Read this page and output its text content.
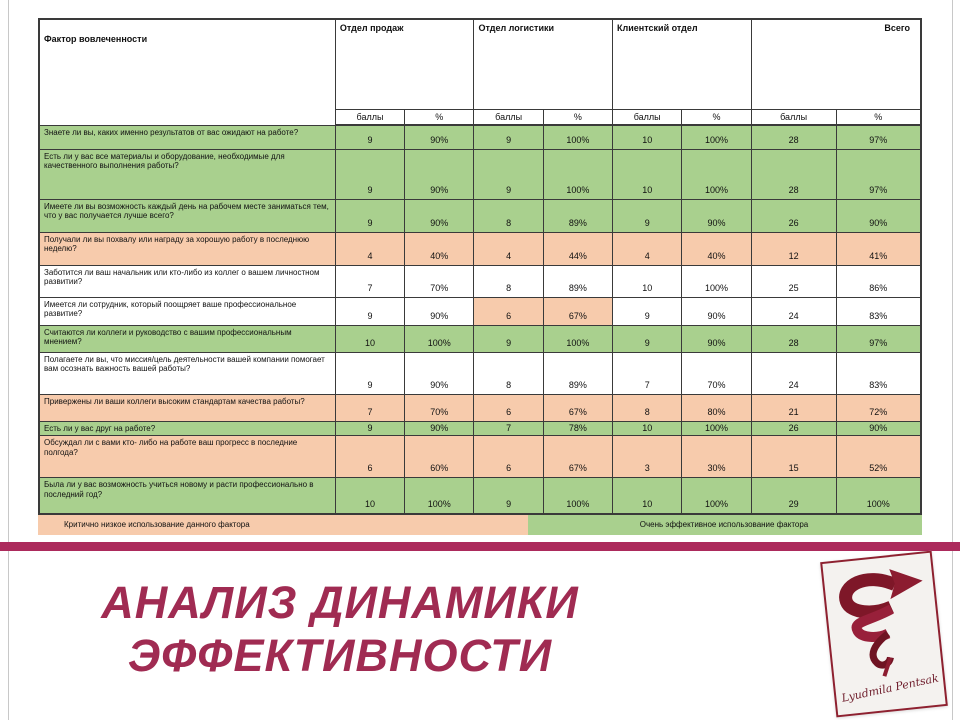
Фактор вовлеченности	Отдел продаж		Отдел логистики		Клиентский отдел		Всего	
	баллы	%	баллы	%	баллы	%	баллы	%
Знаете ли вы, каких именно результатов от вас ожидают на работе?	9	90%	9	100%	10	100%	28	97%
Есть ли у вас все материалы и оборудование, необходимые для качественного выполнения работы?	9	90%	9	100%	10	100%	28	97%
Имеете ли вы возможность каждый день на рабочем месте заниматься тем, что у вас получается лучше всего?	9	90%	8	89%	9	90%	26	90%
Получали ли вы похвалу или награду за хорошую работу в последнюю неделю?	4	40%	4	44%	4	40%	12	41%
Заботится ли ваш начальник или кто-либо из коллег о вашем личностном развитии?	7	70%	8	89%	10	100%	25	86%
Имеется ли сотрудник, который поощряет ваше профессиональное развитие?	9	90%	6	67%	9	90%	24	83%
Считаются ли коллеги и руководство с вашим профессиональным мнением?	10	100%	9	100%	9	90%	28	97%
Полагаете ли вы, что миссия/цель деятельности вашей компании помогает вам осознать важность вашей работы?	9	90%	8	89%	7	70%	24	83%
Привержены ли ваши коллеги высоким стандартам качества работы?	7	70%	6	67%	8	80%	21	72%
Есть ли у вас друг на работе?	9	90%	7	78%	10	100%	26	90%
Обсуждал ли с вами кто- либо на работе ваш прогресс в последние полгода?	6	60%	6	67%	3	30%	15	52%
Была ли у вас возможность учиться новому и расти профессионально в последний год?	10	100%	9	100%	10	100%	29	100%
Критично низкое использование данного фактора	Очень эффективное использование фактора
АНАЛИЗ ДИНАМИКИ
ЭФФЕКТИВНОСТИ
Lyudmila Pentsak
